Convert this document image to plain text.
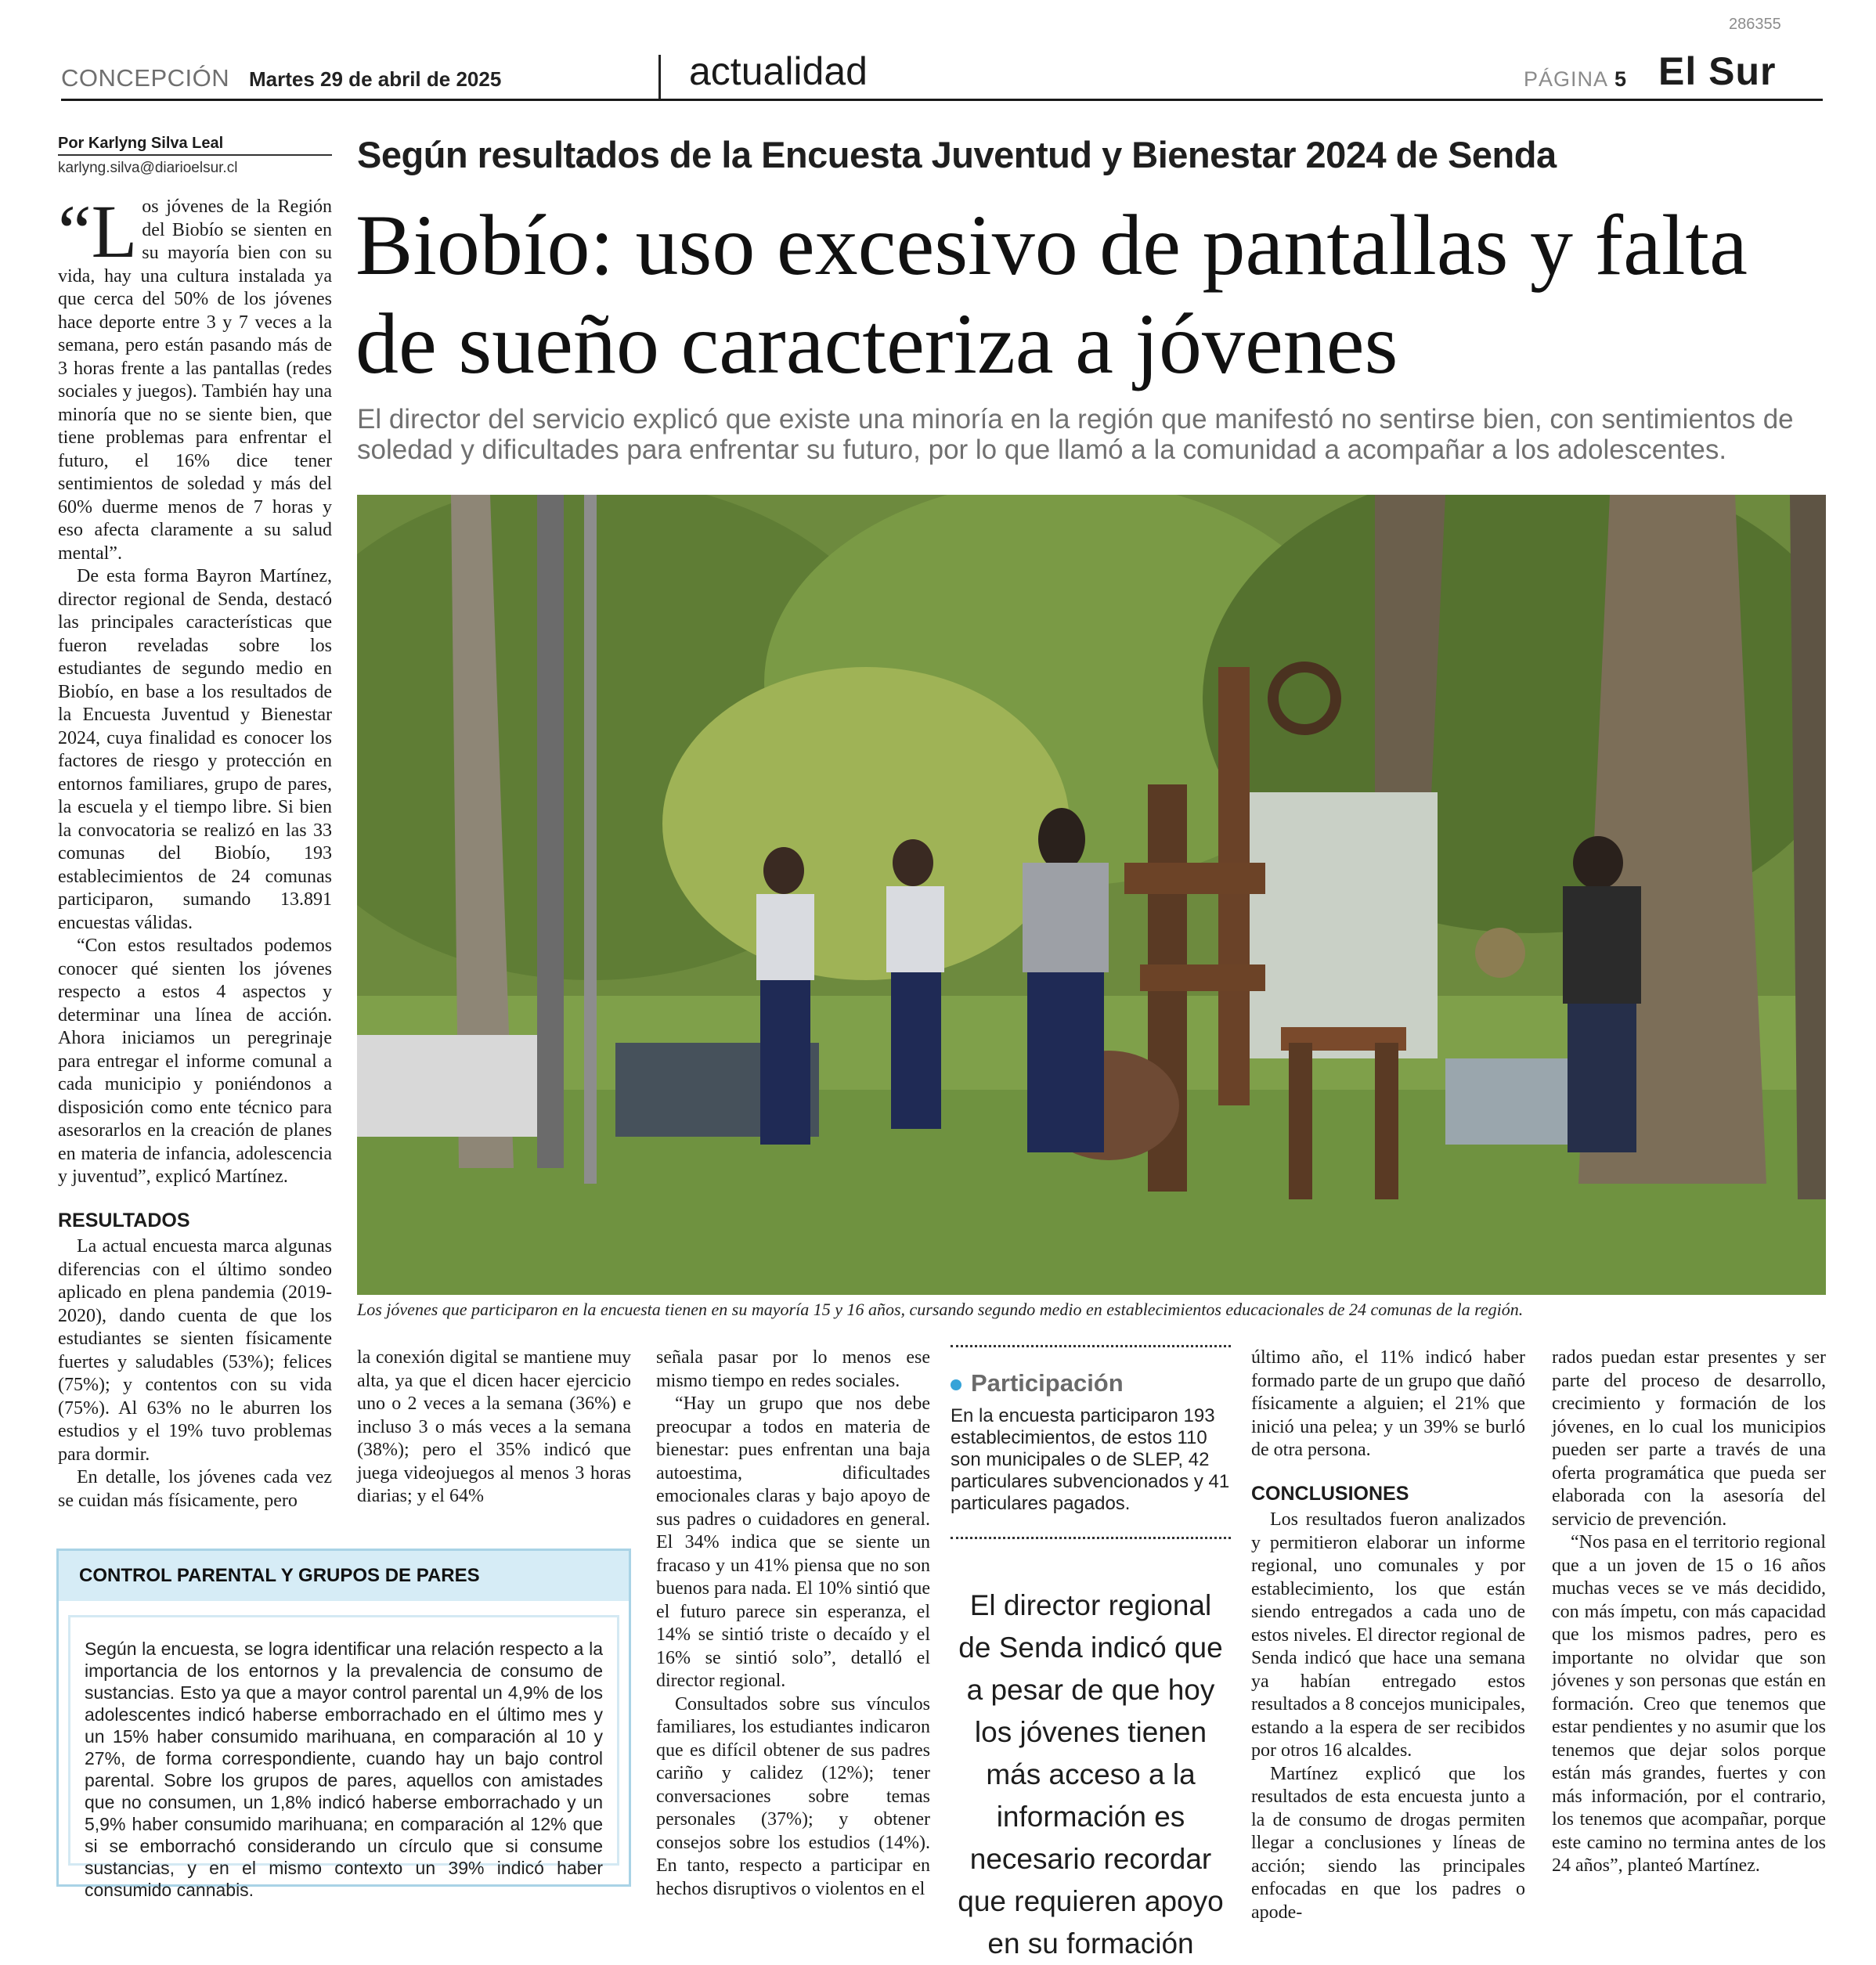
286355
CONCEPCIÓN Martes 29 de abril de 2025	actualidad	PÁGINA 5 El Sur
Por Karlyng Silva Leal
karlyng.silva@diarioelsur.cl	Según resultados de la Encuesta Juventud y Bienestar 2024 de Senda
Biobío: uso excesivo de pantallas y falta de sueño caracteriza a jóvenes
El director del servicio explicó que existe una minoría en la región que manifestó no sentirse bien, con sentimientos de soledad y dificultades para enfrentar su futuro, por lo que llamó a la comunidad a acompañar a los adolescentes.
Los jóvenes que participaron en la encuesta tienen en su mayoría 15 y 16 años, cursando segundo medio en establecimientos educacionales de 24 comunas de la región.

“Los jóvenes de la Región del Biobío se sienten en su mayoría bien con su vida, hay una cultura instalada ya que cerca del 50% de los jóvenes hace deporte entre 3 y 7 veces a la semana, pero están pasando más de 3 horas frente a las pantallas (redes sociales y juegos). También hay una minoría que no se siente bien, que tiene problemas para enfrentar el futuro, el 16% dice tener sentimientos de soledad y más del 60% duerme menos de 7 horas y eso afecta claramente a su salud mental”.

De esta forma Bayron Martínez, director regional de Senda, destacó las principales características que fueron reveladas sobre los estudiantes de segundo medio en Biobío, en base a los resultados de la Encuesta Juventud y Bienestar 2024, cuya finalidad es conocer los factores de riesgo y protección en entornos familiares, grupo de pares, la escuela y el tiempo libre. Si bien la convocatoria se realizó en las 33 comunas del Biobío, 193 establecimientos de 24 comunas participaron, sumando 13.891 encuestas válidas.

“Con estos resultados podemos conocer qué sienten los jóvenes respecto a estos 4 aspectos y determinar una línea de acción. Ahora iniciamos un peregrinaje para entregar el informe comunal a cada municipio y poniéndonos a disposición como ente técnico para asesorarlos en la creación de planes en materia de infancia, adolescencia y juventud”, explicó Martínez.

RESULTADOS

La actual encuesta marca algunas diferencias con el último sondeo aplicado en plena pandemia (2019-2020), dando cuenta de que los estudiantes se sienten físicamente fuertes y saludables (53%); felices (75%); y contentos con su vida (75%). Al 63% no le aburren los estudios y el 19% tuvo problemas para dormir.

En detalle, los jóvenes cada vez se cuidan más físicamente, pero

la conexión digital se mantiene muy alta, ya que el dicen hacer ejercicio uno o 2 veces a la semana (36%) e incluso 3 o más veces a la semana (38%); pero el 35% indicó que juega videojuegos al menos 3 horas diarias; y el 64%

CONTROL PARENTAL Y GRUPOS DE PARES
Según la encuesta, se logra identificar una relación respecto a la importancia de los entornos y la prevalencia de consumo de sustancias. Esto ya que a mayor control parental un 4,9% de los adolescentes indicó haberse emborrachado en el último mes y un 15% haber consumido marihuana, en comparación al 10 y 27%, de forma correspondiente, cuando hay un bajo control parental. Sobre los grupos de pares, aquellos con amistades que no consumen, un 1,8% indicó haberse emborrachado y un 5,9% haber consumido marihuana; en comparación al 12% que si se emborrachó considerando un círculo que si consume sustancias, y en el mismo contexto un 39% indicó haber consumido cannabis.

señala pasar por lo menos ese mismo tiempo en redes sociales.

“Hay un grupo que nos debe preocupar a todos en materia de bienestar: pues enfrentan una baja autoestima, dificultades emocionales claras y bajo apoyo de sus padres o cuidadores en general. El 34% indica que se siente un fracaso y un 41% piensa que no son buenos para nada. El 10% sintió que el futuro parece sin esperanza, el 14% se sintió triste o decaído y el 16% se sintió solo”, detalló el director regional.

Consultados sobre sus vínculos familiares, los estudiantes indicaron que es difícil obtener de sus padres cariño y calidez (12%); tener conversaciones sobre temas personales (37%); y obtener consejos sobre los estudios (14%). En tanto, respecto a participar en hechos disruptivos o violentos en el

Participación
En la encuesta participaron 193 establecimientos, de estos 110 son municipales o de SLEP, 42 particulares subvencionados y 41 particulares pagados.
El director regional de Senda indicó que a pesar de que hoy los jóvenes tienen más acceso a la información es necesario recordar que requieren apoyo en su formación

último año, el 11% indicó haber formado parte de un grupo que dañó físicamente a alguien; el 21% que inició una pelea; y un 39% se burló de otra persona.

CONCLUSIONES

Los resultados fueron analizados y permitieron elaborar un informe regional, uno comunales y por establecimiento, los que están siendo entregados a cada uno de estos niveles. El director regional de Senda indicó que hace una semana ya habían entregado estos resultados a 8 concejos municipales, estando a la espera de ser recibidos por otros 16 alcaldes.

Martínez explicó que los resultados de esta encuesta junto a la de consumo de drogas permiten llegar a conclusiones y líneas de acción; siendo las principales enfocadas en que los padres o apode-

rados puedan estar presentes y ser parte del proceso de desarrollo, crecimiento y formación de los jóvenes, en lo cual los municipios pueden ser parte a través de una oferta programática que pueda ser elaborada con la asesoría del servicio de prevención.

“Nos pasa en el territorio regional que a un joven de 15 o 16 años muchas veces se ve más decidido, con más ímpetu, con más capacidad que los mismos padres, pero es importante no olvidar que son jóvenes y son personas que están en formación. Creo que tenemos que estar pendientes y no asumir que los tenemos que dejar solos porque están más grandes, fuertes y con más información, por el contrario, los tenemos que acompañar, porque este camino no termina antes de los 24 años”, planteó Martínez.
